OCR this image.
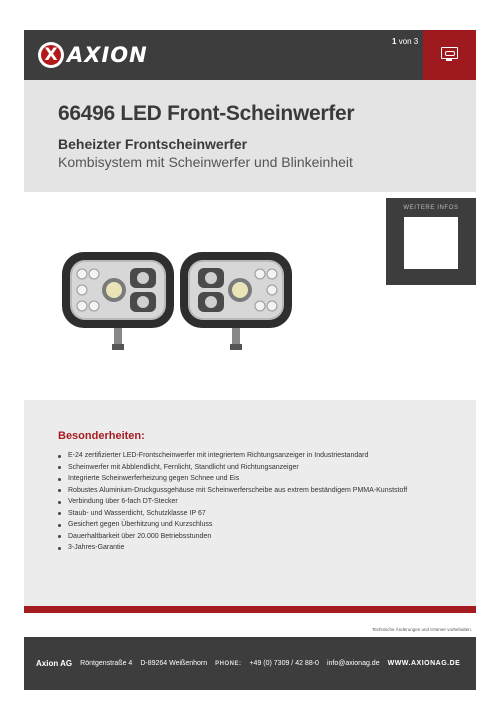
X AXION
1 von 3
66496 LED Front-Scheinwerfer
Beheizter Frontscheinwerfer
Kombisystem mit Scheinwerfer und Blinkeinheit
WEITERE INFOS
Besonderheiten:
E-24 zertifizierter LED-Frontscheinwerfer mit integriertem Richtungsanzeiger in Industriestandard
Scheinwerfer mit Abblendlicht, Fernlicht, Standlicht und Richtungsanzeiger
Integrierte Scheinwerferheizung gegen Schnee und Eis
Robustes Aluminium-Druckgussgehäuse mit Scheinwerferscheibe aus extrem beständigem PMMA-Kunststoff
Verbindung über 6-fach DT-Stecker
Staub- und Wasserdicht, Schutzklasse IP 67
Gesichert gegen Überhitzung und Kurzschluss
Dauerhaltbarkeit über 20.000 Betriebsstunden
3-Jahres-Garantie
Technische Änderungen und Irrtümer vorbehalten.
Axion AG Röntgenstraße 4 D-89264 Weißenhorn PHONE: +49 (0) 7309 / 42 88-0 info@axionag.de WWW.AXIONAG.DE
